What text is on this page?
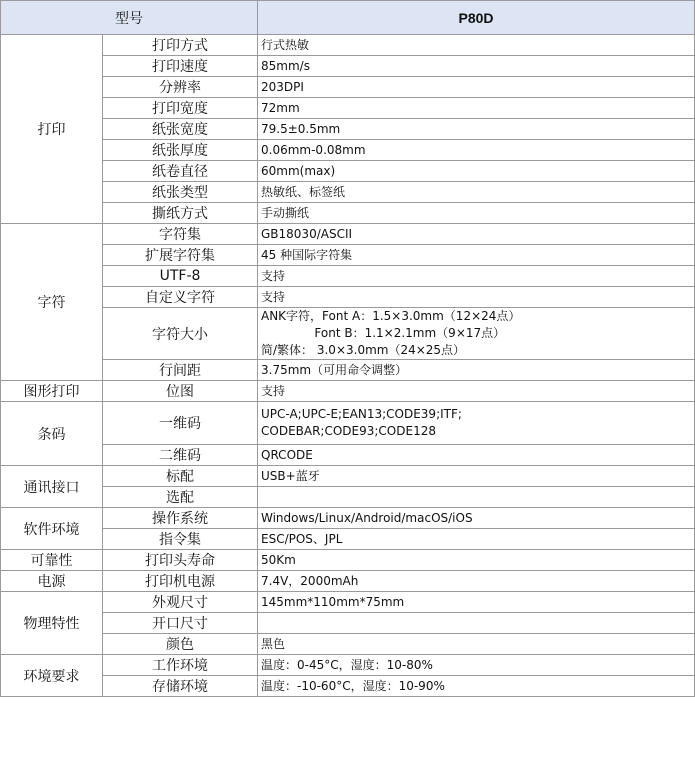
型号		P80D
打印	打印方式	行式热敏
	打印速度	85mm/s
	分辨率	203DPI
	打印宽度	72mm
	纸张宽度	79.5±0.5mm
	纸张厚度	0.06mm-0.08mm
	纸卷直径	60mm(max)
	纸张类型	热敏纸、标签纸
	撕纸方式	手动撕纸
字符	字符集	GB18030/ASCII
	扩展字符集	45 种国际字符集
	UTF-8	支持
	自定义字符	支持
	字符大小	ANK字符，Font A：1.5×3.0mm（12×24点）
Font B：1.1×2.1mm（9×17点）
简/繁体： 3.0×3.0mm（24×25点）

	行间距	3.75mm（可用命令调整）
图形打印	位图	支持
条码	一维码	UPC-A;UPC-E;EAN13;CODE39;ITF;
CODEBAR;CODE93;CODE128

	二维码	QRCODE
通讯接口	标配	USB+蓝牙
	选配	
软件环境	操作系统	Windows/Linux/Android/macOS/iOS
	指令集	ESC/POS、JPL
可靠性	打印头寿命	50Km
电源	打印机电源	7.4V，2000mAh
物理特性	外观尺寸	145mm*110mm*75mm
	开口尺寸	
	颜色	黑色
环境要求	工作环境	温度：0-45°C，湿度：10-80%
	存储环境	温度：-10-60°C，湿度：10-90%
